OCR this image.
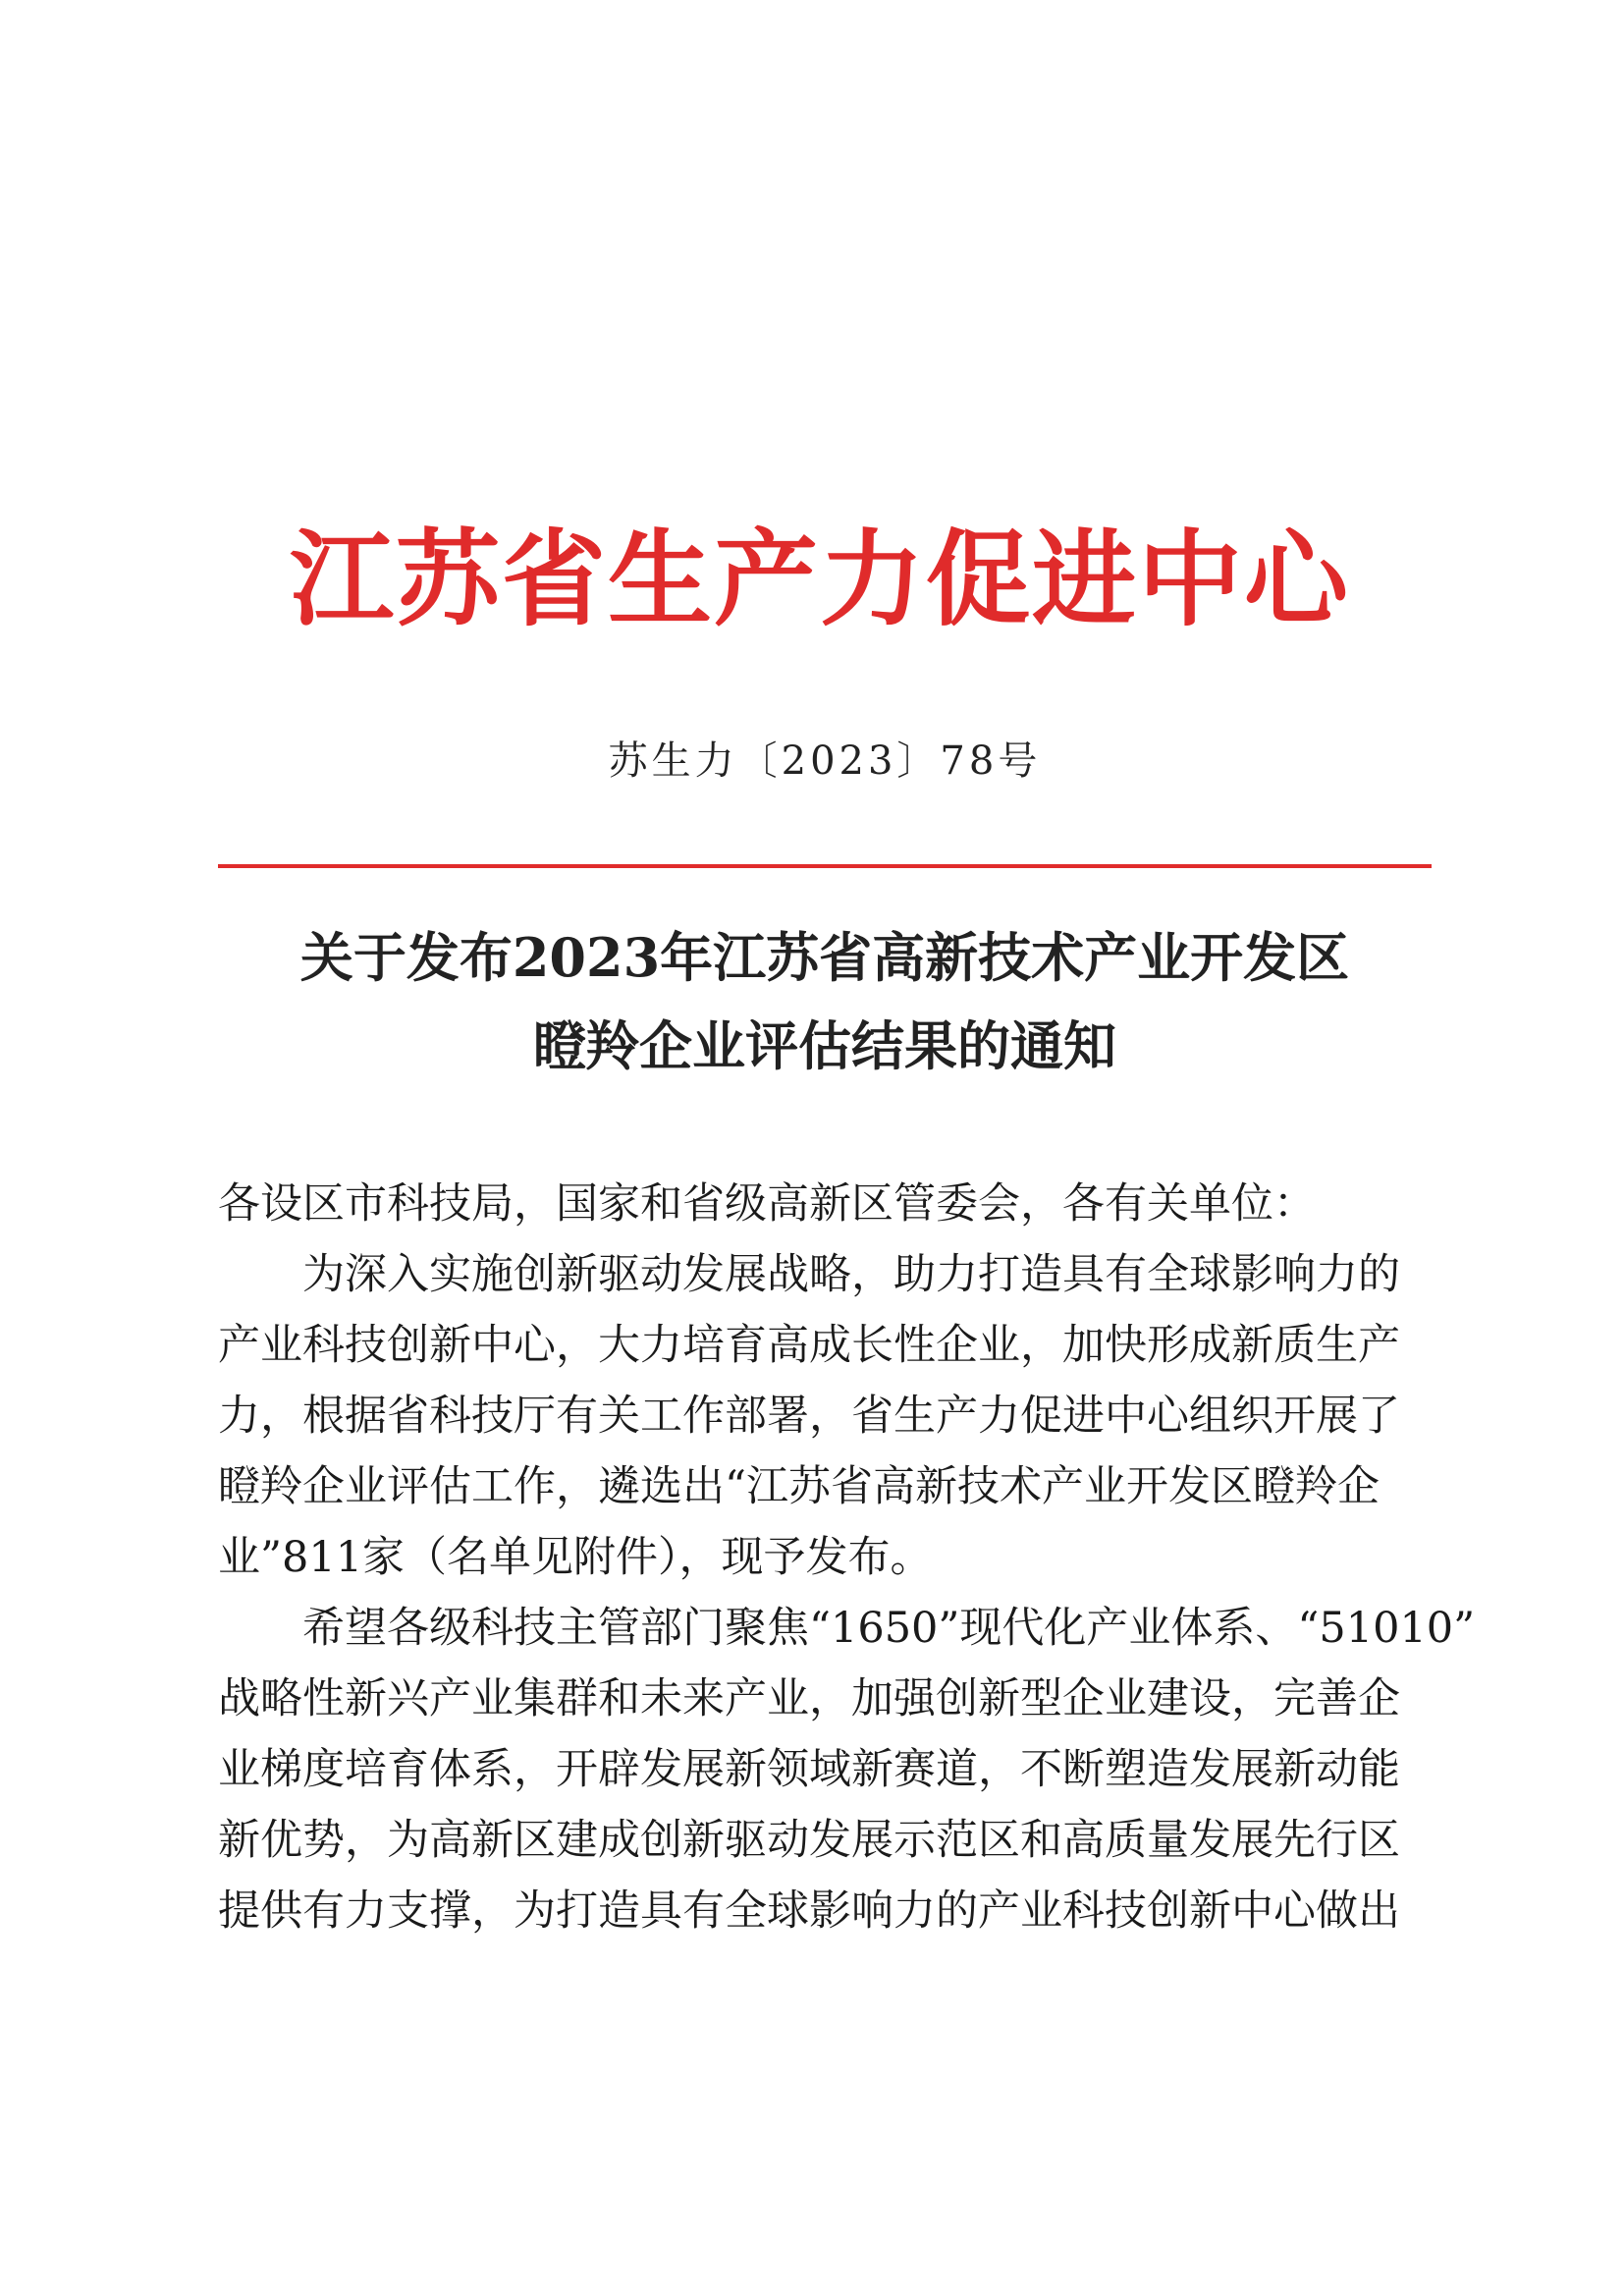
江苏省生产力促进中心
苏生力〔2023〕78号
关于发布2023年江苏省高新技术产业开发区
瞪羚企业评估结果的通知
各设区市科技局，国家和省级高新区管委会，各有关单位：
为深入实施创新驱动发展战略，助力打造具有全球影响力的
产业科技创新中心，大力培育高成长性企业，加快形成新质生产
力，根据省科技厅有关工作部署，省生产力促进中心组织开展了
瞪羚企业评估工作，遴选出“江苏省高新技术产业开发区瞪羚企
业”811家（名单见附件），现予发布。
希望各级科技主管部门聚焦“1650”现代化产业体系、“51010”
战略性新兴产业集群和未来产业，加强创新型企业建设，完善企
业梯度培育体系，开辟发展新领域新赛道，不断塑造发展新动能
新优势，为高新区建成创新驱动发展示范区和高质量发展先行区
提供有力支撑，为打造具有全球影响力的产业科技创新中心做出
